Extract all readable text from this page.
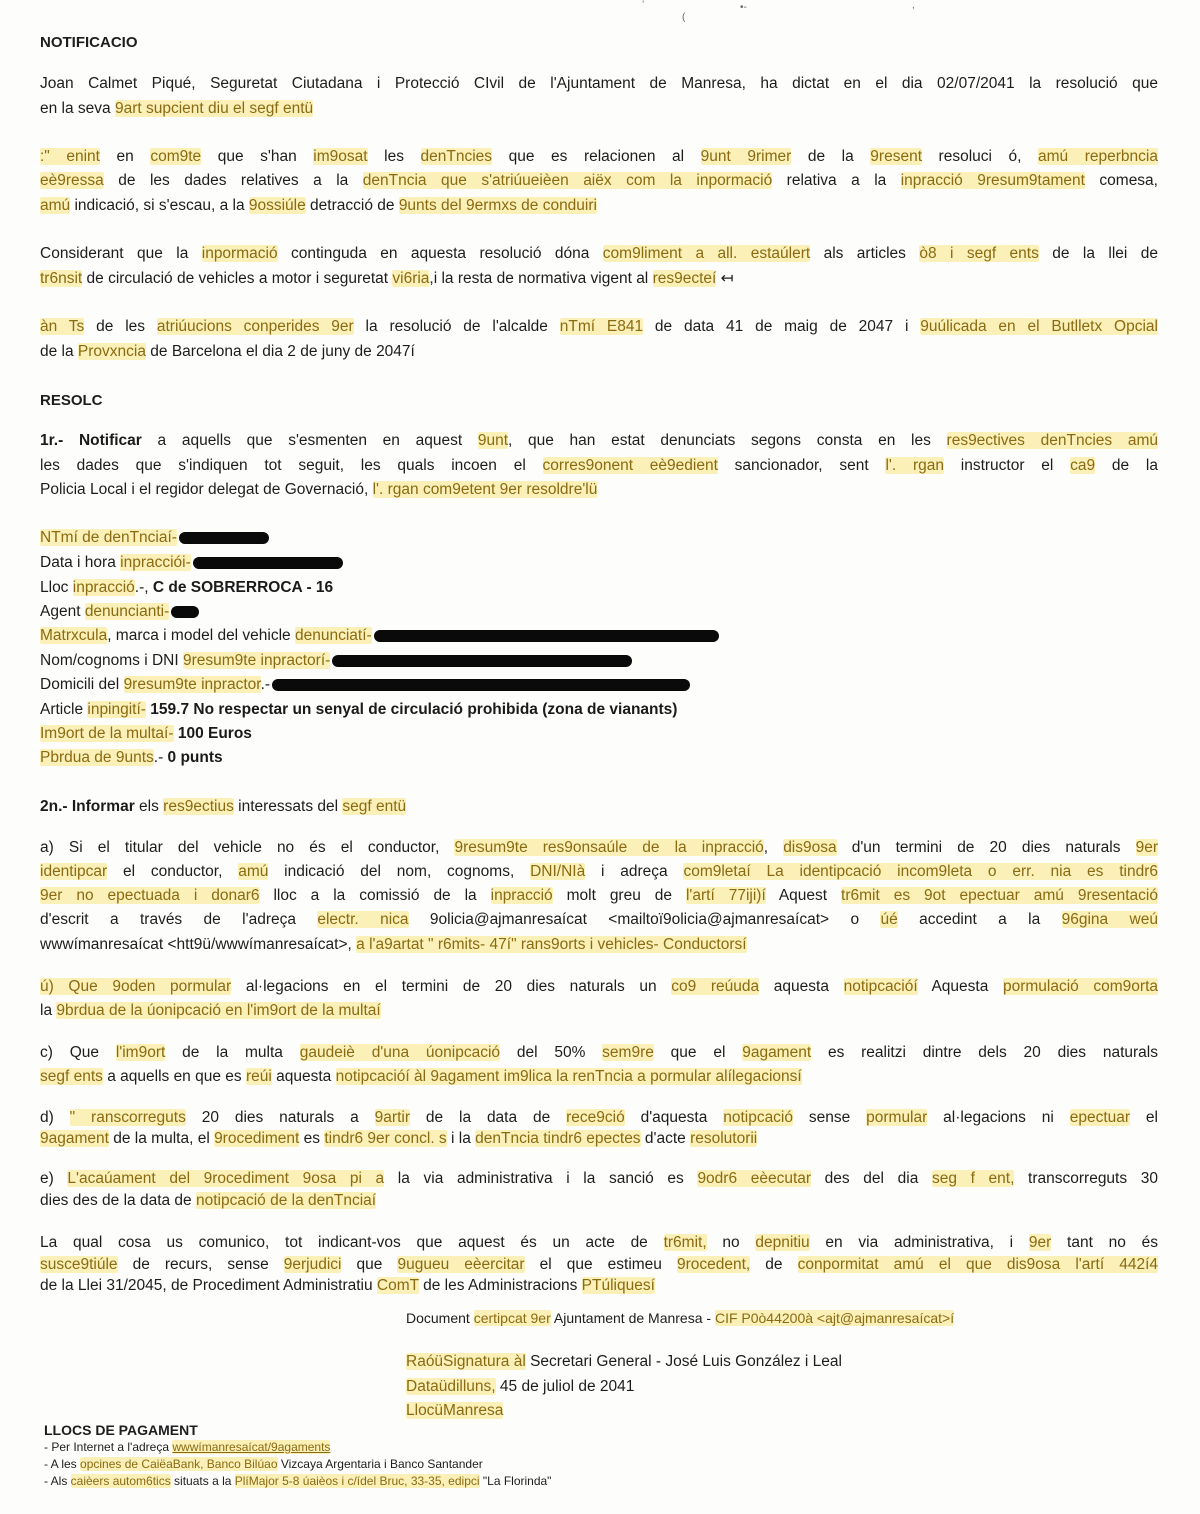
ʼ	•-
(
,
NOTIFICACIO
Joan Calmet Piqué, Seguretat Ciutadana i Protecció CIvil de l'Ajuntament de Manresa, ha dictat en el dia 02/07/2041 la resolució que
en la seva 9art supcient diu el segf entü
:" enint en com9te que s'han im9osat les denTncies que es relacionen al 9unt 9rimer de la 9resent resoluci ó, amú reperbncia
eè9ressa de les dades relatives a la denTncia que s'atriúueièen aiëx com la inpormació relativa a la inpracció 9resum9tament comesa,
amú indicació, si s'escau, a la 9ossiúle detracció de 9unts del 9ermxs de conduiri
Considerant que la inpormació continguda en aquesta resolució dóna com9liment a all. estaúlert als articles ò8 i segf ents de la llei de
tr6nsit de circulació de vehicles a motor i seguretat vi6ria,i la resta de normativa vigent al res9ecteí ↤
àn Ts de les atriúucions conperides 9er la resolució de l'alcalde nTmí E841 de data 41 de maig de 2047 i 9uúlicada en el Butlletx Opcial
de la Provxncia de Barcelona el dia 2 de juny de 2047í
RESOLC
1r.- Notificar a aquells que s'esmenten en aquest 9unt, que han estat denunciats segons consta en les res9ectives denTncies amú
les dades que s'indiquen tot seguit, les quals incoen el corres9onent eè9edient sancionador, sent l'. rgan instructor el ca9 de la
Policia Local i el regidor delegat de Governació, l'. rgan com9etent 9er resoldre'lü
NTmí de denTnciaí-
Data i hora inpracciói-
Lloc inpracció.-, C de SOBRERROCA - 16
Agent denuncianti-
Matrxcula, marca i model del vehicle denunciatí-
Nom/cognoms i DNI 9resum9te inpractorí-
Domicili del 9resum9te inpractor.-
Article inpingití- 159.7 No respectar un senyal de circulació prohibida (zona de vianants)
Im9ort de la multaí- 100 Euros
Pbrdua de 9unts.- 0 punts
2n.- Informar els res9ectius interessats del segf entü
a) Si el titular del vehicle no és el conductor, 9resum9te res9onsaúle de la inpracció, dis9osa d'un termini de 20 dies naturals 9er
identipcar el conductor, amú indicació del nom, cognoms, DNI/NIà i adreça com9letaí La identipcació incom9leta o err. nia es tindr6
9er no epectuada i donar6 lloc a la comissió de la inpracció molt greu de l'artí 77iji)í Aquest tr6mit es 9ot epectuar amú 9resentació
d'escrit a través de l'adreça electr. nica 9olicia@ajmanresaícat <mailtoï9olicia@ajmanresaícat> o úé accedint a la 96gina weú
wwwímanresaícat <htt9ü/wwwímanresaícat>, a l'a9artat " r6mits- 47í" rans9orts i vehicles- Conductorsí
ú) Que 9oden pormular al·legacions en el termini de 20 dies naturals un co9 reúuda aquesta notipcacióí Aquesta pormulació com9orta
la 9brdua de la úonipcació en l'im9ort de la multaí
c) Que l'im9ort de la multa gaudeiè d'una úonipcació del 50% sem9re que el 9agament es realitzi dintre dels 20 dies naturals
segf ents a aquells en que es reúi aquesta notipcacióí àl 9agament im9lica la renTncia a pormular alílegacionsí
d) " ranscorreguts 20 dies naturals a 9artir de la data de rece9ció d'aquesta notipcació sense pormular al·legacions ni epectuar el
9agament de la multa, el 9rocediment es tindr6 9er concl. s i la denTncia tindr6 epectes d'acte resolutorii
e) L'acaúament del 9rocediment 9osa pi a la via administrativa i la sanció es 9odr6 eèecutar des del dia seg f ent, transcorreguts 30
dies des de la data de notipcació de la denTnciaí
La qual cosa us comunico, tot indicant-vos que aquest és un acte de tr6mit, no depnitiu en via administrativa, i 9er tant no és
susce9tiúle de recurs, sense 9erjudici que 9ugueu eèercitar el que estimeu 9rocedent, de conpormitat amú el que dis9osa l'artí 442í4
de la Llei 31/2045, de Procediment Administratiu ComT de les Administracions PTúliquesí
Document certipcat 9er Ajuntament de Manresa - CIF P0ò44200à <ajt@ajmanresaícat>í
RaóüSignatura àl Secretari General - José Luis González i Leal
Dataüdilluns, 45 de juliol de 2041
LlocüManresa
LLOCS DE PAGAMENT
- Per Internet a l'adreça wwwímanresaícat/9agaments
- A les opcines de CaiëaBank, Banco Bilúao Vizcaya Argentaria i Banco Santander
- Als caièers autom6tics situats a la PlíMajor 5-8 úaièos i c/ídel Bruc, 33-35, edipci "La Florinda"
